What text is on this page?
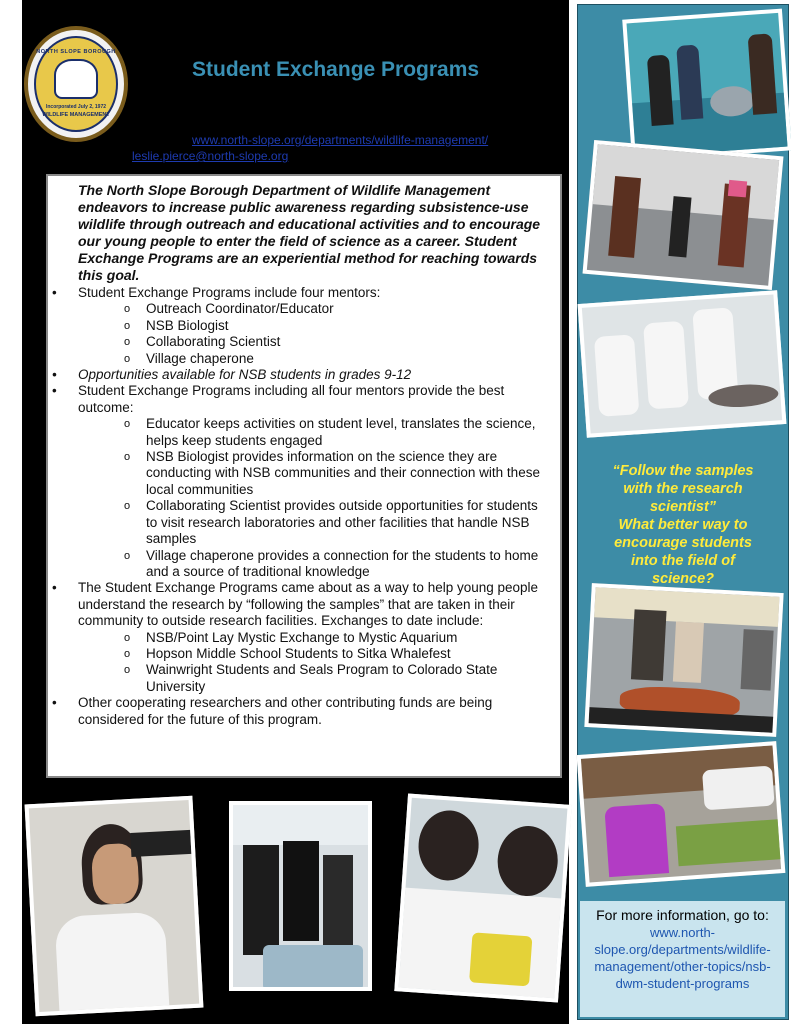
NORTH SLOPE BOROUGH
Incorporated July 2, 1972
WILDLIFE MANAGEMENT
Student Exchange Programs
www.north-slope.org/departments/wildlife-management/
leslie.pierce@north-slope.org

The North Slope Borough Department of Wildlife Management endeavors to increase public awareness regarding subsistence-use wildlife through outreach and educational activities and to encourage our young people to enter the field of science as a career. Student Exchange Programs are an experiential method for reaching towards this goal.

• Student Exchange Programs include four mentors:
o Outreach Coordinator/Educator
o NSB Biologist
o Collaborating Scientist
o Village chaperone
• Opportunities available for NSB students in grades 9-12
• Student Exchange Programs including all four mentors provide the best outcome:
o Educator keeps activities on student level, translates the science, helps keep students engaged
o NSB Biologist provides information on the science they are conducting with NSB communities and their connection with these local communities
o Collaborating Scientist provides outside opportunities for students to visit research laboratories and other facilities that handle NSB samples
o Village chaperone provides a connection for the students to home and a source of traditional knowledge
• The Student Exchange Programs came about as a way to help young people understand the research by “following the samples” that are taken in their community to outside research facilities. Exchanges to date include:
o NSB/Point Lay Mystic Exchange to Mystic Aquarium
o Hopson Middle School Students to Sitka Whalefest
o Wainwright Students and Seals Program to Colorado State University
• Other cooperating researchers and other contributing funds are being considered for the future of this program.
“Follow the samples with the research scientist”
What better way to encourage students into the field of science?
For more information, go to:
www.north-slope.org/departments/wildlife-management/other-topics/nsb-dwm-student-programs
